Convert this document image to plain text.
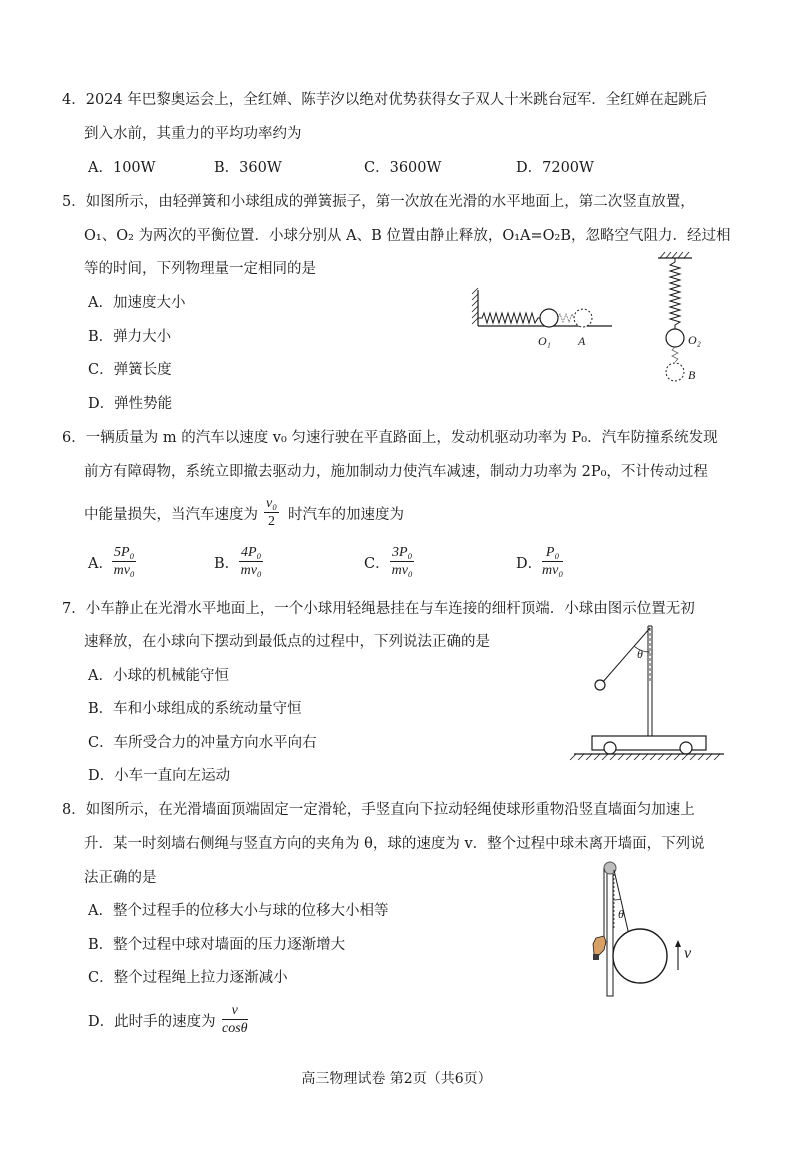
4．2024 年巴黎奥运会上，全红婵、陈芋汐以绝对优势获得女子双人十米跳台冠军．全红婵在起跳后
到入水前，其重力的平均功率约为
A．100W	B．360W	C．3600W	D．7200W
5．如图所示，由轻弹簧和小球组成的弹簧振子，第一次放在光滑的水平地面上，第二次竖直放置，
O₁、O₂ 为两次的平衡位置．小球分别从 A、B 位置由静止释放，O₁A=O₂B，忽略空气阻力．经过相
等的时间，下列物理量一定相同的是
A．加速度大小
B．弹力大小
C．弹簧长度
D．弹性势能
O₁ A	O₂
B
6．一辆质量为 m 的汽车以速度 v₀ 匀速行驶在平直路面上，发动机驱动功率为 P₀．汽车防撞系统发现
前方有障碍物，系统立即撤去驱动力，施加制动力使汽车减速，制动力功率为 2P₀，不计传动过程
中能量损失，当汽车速度为 $\frac{\text{v₀}}{2}$ 时汽车的加速度为
A． $\frac{\text{5P₀}}{\text{mv₀}}$	B． $\frac{\text{4P₀}}{\text{mv₀}}$	C． $\frac{\text{3P₀}}{\text{mv₀}}$	D． $\frac{\text{P₀}}{\text{mv₀}}$
7．小车静止在光滑水平地面上，一个小球用轻绳悬挂在与车连接的细杆顶端．小球由图示位置无初
速释放，在小球向下摆动到最低点的过程中，下列说法正确的是
A．小球的机械能守恒
B．车和小球组成的系统动量守恒
C．车所受合力的冲量方向水平向右
D．小车一直向左运动
θ
8．如图所示，在光滑墙面顶端固定一定滑轮，手竖直向下拉动轻绳使球形重物沿竖直墙面匀加速上
升．某一时刻墙右侧绳与竖直方向的夹角为 θ，球的速度为 v．整个过程中球未离开墙面，下列说
法正确的是
A．整个过程手的位移大小与球的位移大小相等
B．整个过程中球对墙面的压力逐渐增大
C．整个过程绳上拉力逐渐减小
D．此时手的速度为 $\frac{v}{\cos\theta}$
θ
v
高三物理试卷 第2页（共6页）
